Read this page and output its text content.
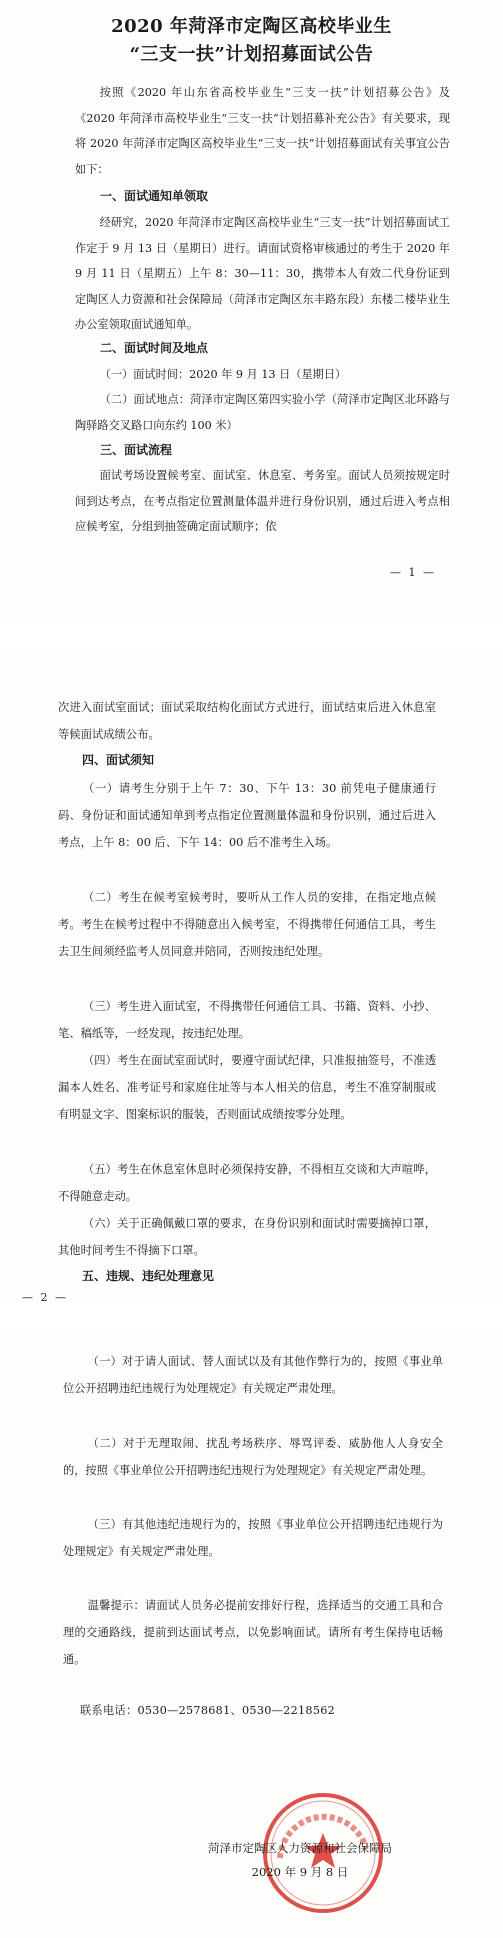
2020 年菏泽市定陶区高校毕业生
“三支一扶”计划招募面试公告

按照《2020 年山东省高校毕业生“三支一扶”计划招募公告》及《2020 年菏泽市高校毕业生“三支一扶”计划招募补充公告》有关要求，现将 2020 年菏泽市定陶区高校毕业生“三支一扶”计划招募面试有关事宜公告如下：

一、面试通知单领取

经研究，2020 年菏泽市定陶区高校毕业生“三支一扶”计划招募面试工作定于 9 月 13 日（星期日）进行。请面试资格审核通过的考生于 2020 年 9 月 11 日（星期五）上午 8：30—11：30，携带本人有效二代身份证到定陶区人力资源和社会保障局（菏泽市定陶区东丰路东段）东楼二楼毕业生办公室领取面试通知单。

二、面试时间及地点

（一）面试时间：2020 年 9 月 13 日（星期日）

（二）面试地点：菏泽市定陶区第四实验小学（菏泽市定陶区北环路与陶驿路交叉路口向东约 100 米）

三、面试流程

面试考场设置候考室、面试室、休息室、考务室。面试人员须按规定时间到达考点，在考点指定位置测量体温并进行身份识别，通过后进入考点相应候考室，分组到抽签确定面试顺序；依

— 1 —

次进入面试室面试；面试采取结构化面试方式进行，面试结束后进入休息室等候面试成绩公布。

四、面试须知

（一）请考生分别于上午 7：30、下午 13：30 前凭电子健康通行码、身份证和面试通知单到考点指定位置测量体温和身份识别，通过后进入考点，上午 8：00 后、下午 14：00 后不准考生入场。

（二）考生在候考室候考时，要听从工作人员的安排，在指定地点候考。考生在候考过程中不得随意出入候考室，不得携带任何通信工具，考生去卫生间须经监考人员同意并陪同，否则按违纪处理。

（三）考生进入面试室，不得携带任何通信工具、书籍、资料、小抄、笔、稿纸等，一经发现，按违纪处理。

（四）考生在面试室面试时，要遵守面试纪律，只准报抽签号，不准透漏本人姓名、准考证号和家庭住址等与本人相关的信息，考生不准穿制服或有明显文字、图案标识的服装，否则面试成绩按零分处理。

（五）考生在休息室休息时必须保持安静，不得相互交谈和大声喧哗，不得随意走动。

（六）关于正确佩戴口罩的要求，在身份识别和面试时需要摘掉口罩，其他时间考生不得摘下口罩。

五、违规、违纪处理意见
— 2 —

（一）对于请人面试、替人面试以及有其他作弊行为的，按照《事业单位公开招聘违纪违规行为处理规定》有关规定严肃处理。

（二）对于无理取闹、扰乱考场秩序、辱骂评委、威胁他人人身安全的，按照《事业单位公开招聘违纪违规行为处理规定》有关规定严肃处理。

（三）有其他违纪违规行为的，按照《事业单位公开招聘违纪违规行为处理规定》有关规定严肃处理。

温馨提示：请面试人员务必提前安排好行程，选择适当的交通工具和合理的交通路线，提前到达面试考点，以免影响面试。请所有考生保持电话畅通。

联系电话：0530—2578681、0530—2218562
菏泽市定陶区人力资源和社会保障局
2020 年 9 月 8 日
